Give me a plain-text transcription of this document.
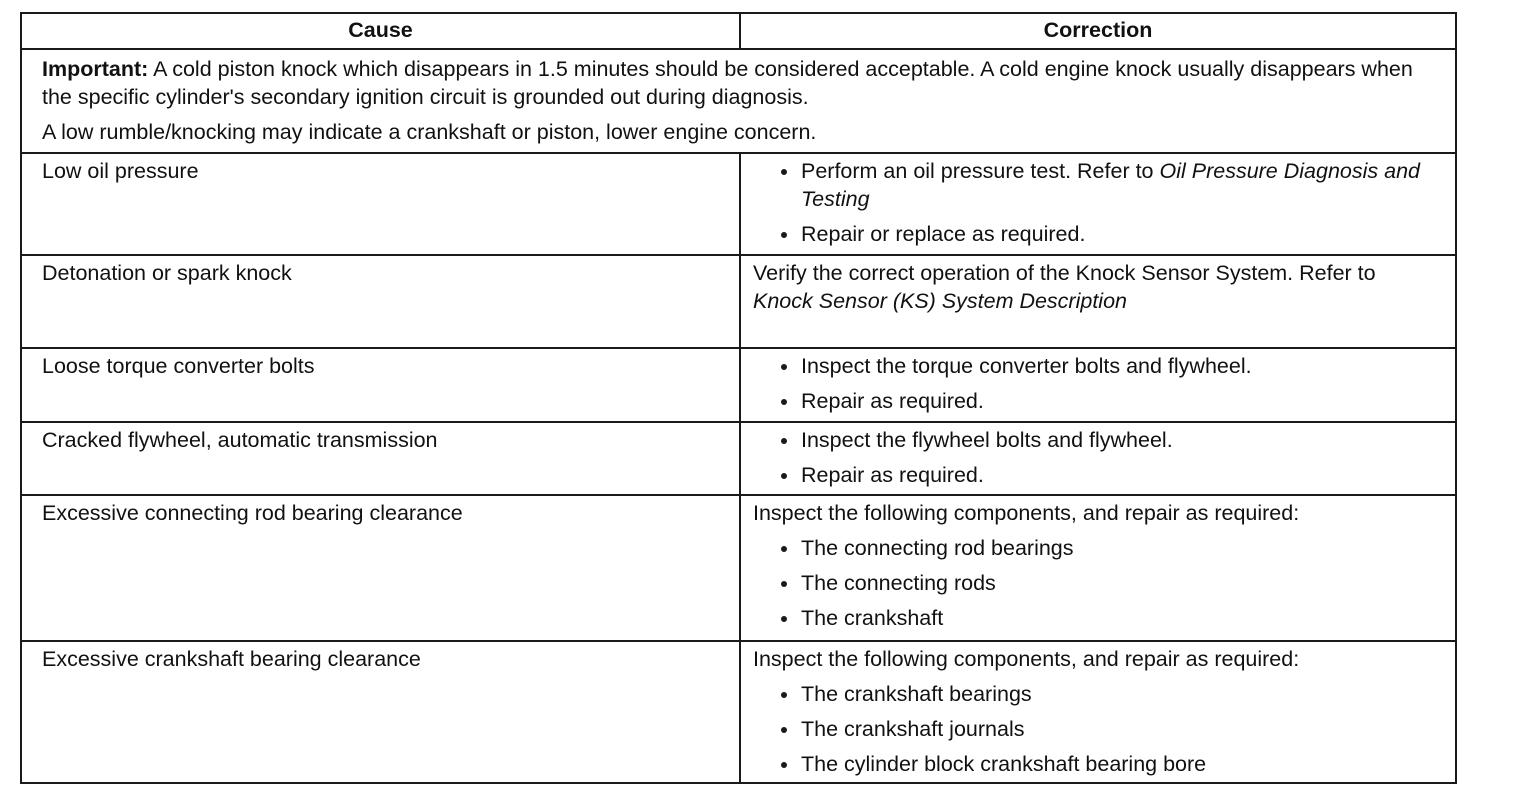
Cause	Correction

Important: A cold piston knock which disappears in 1.5 minutes should be considered acceptable. A cold engine knock usually disappears when the specific cylinder's secondary ignition circuit is grounded out during diagnosis.

A low rumble/knocking may indicate a crankshaft or piston, lower engine concern.

Low oil pressure	Perform an oil pressure test. Refer to Oil Pressure Diagnosis and Testing
Repair or replace as required.
Detonation or spark knock	Verify the correct operation of the Knock Sensor System. Refer to Knock Sensor (KS) System Description
Loose torque converter bolts	Inspect the torque converter bolts and flywheel.
Repair as required.
Cracked flywheel, automatic transmission	Inspect the flywheel bolts and flywheel.
Repair as required.
Excessive connecting rod bearing clearance	Inspect the following components, and repair as required:
The connecting rod bearings
The connecting rods
The crankshaft
Excessive crankshaft bearing clearance	Inspect the following components, and repair as required:
The crankshaft bearings
The crankshaft journals
The cylinder block crankshaft bearing bore
